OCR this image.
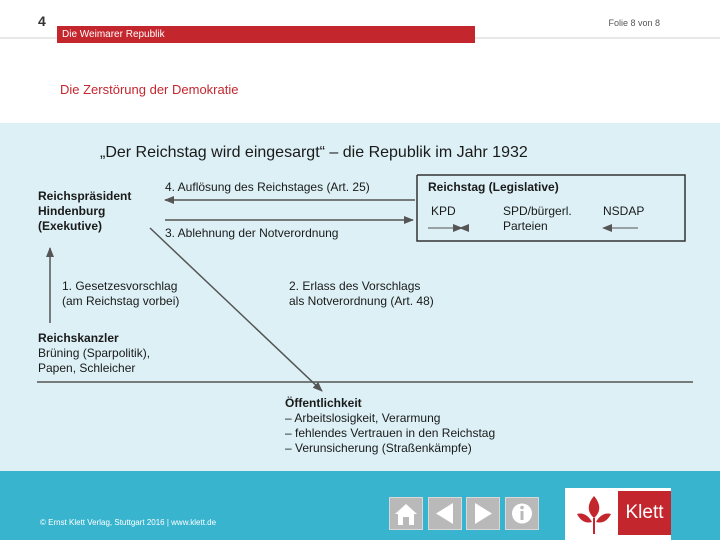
4	Folie 8 von 8
Die Weimarer Republik
Die Zerstörung der Demokratie
„Der Reichstag wird eingesargt“ – die Republik im Jahr 1932
Reichspräsident
Hindenburg
(Exekutive)
4. Auflösung des Reichstages (Art. 25)
3. Ablehnung der Notverordnung
1. Gesetzesvorschlag
(am Reichstag vorbei)
2. Erlass des Vorschlags
als Notverordnung (Art. 48)
Reichstag (Legislative)
KPD	SPD/bürgerl.
Parteien
NSDAP
Reichskanzler
Brüning (Sparpolitik),
Papen, Schleicher
Öffentlichkeit
– Arbeitslosigkeit, Verarmung
– fehlendes Vertrauen in den Reichstag
– Verunsicherung (Straßenkämpfe)
© Ernst Klett Verlag, Stuttgart 2016 | www.klett.de	Klett
